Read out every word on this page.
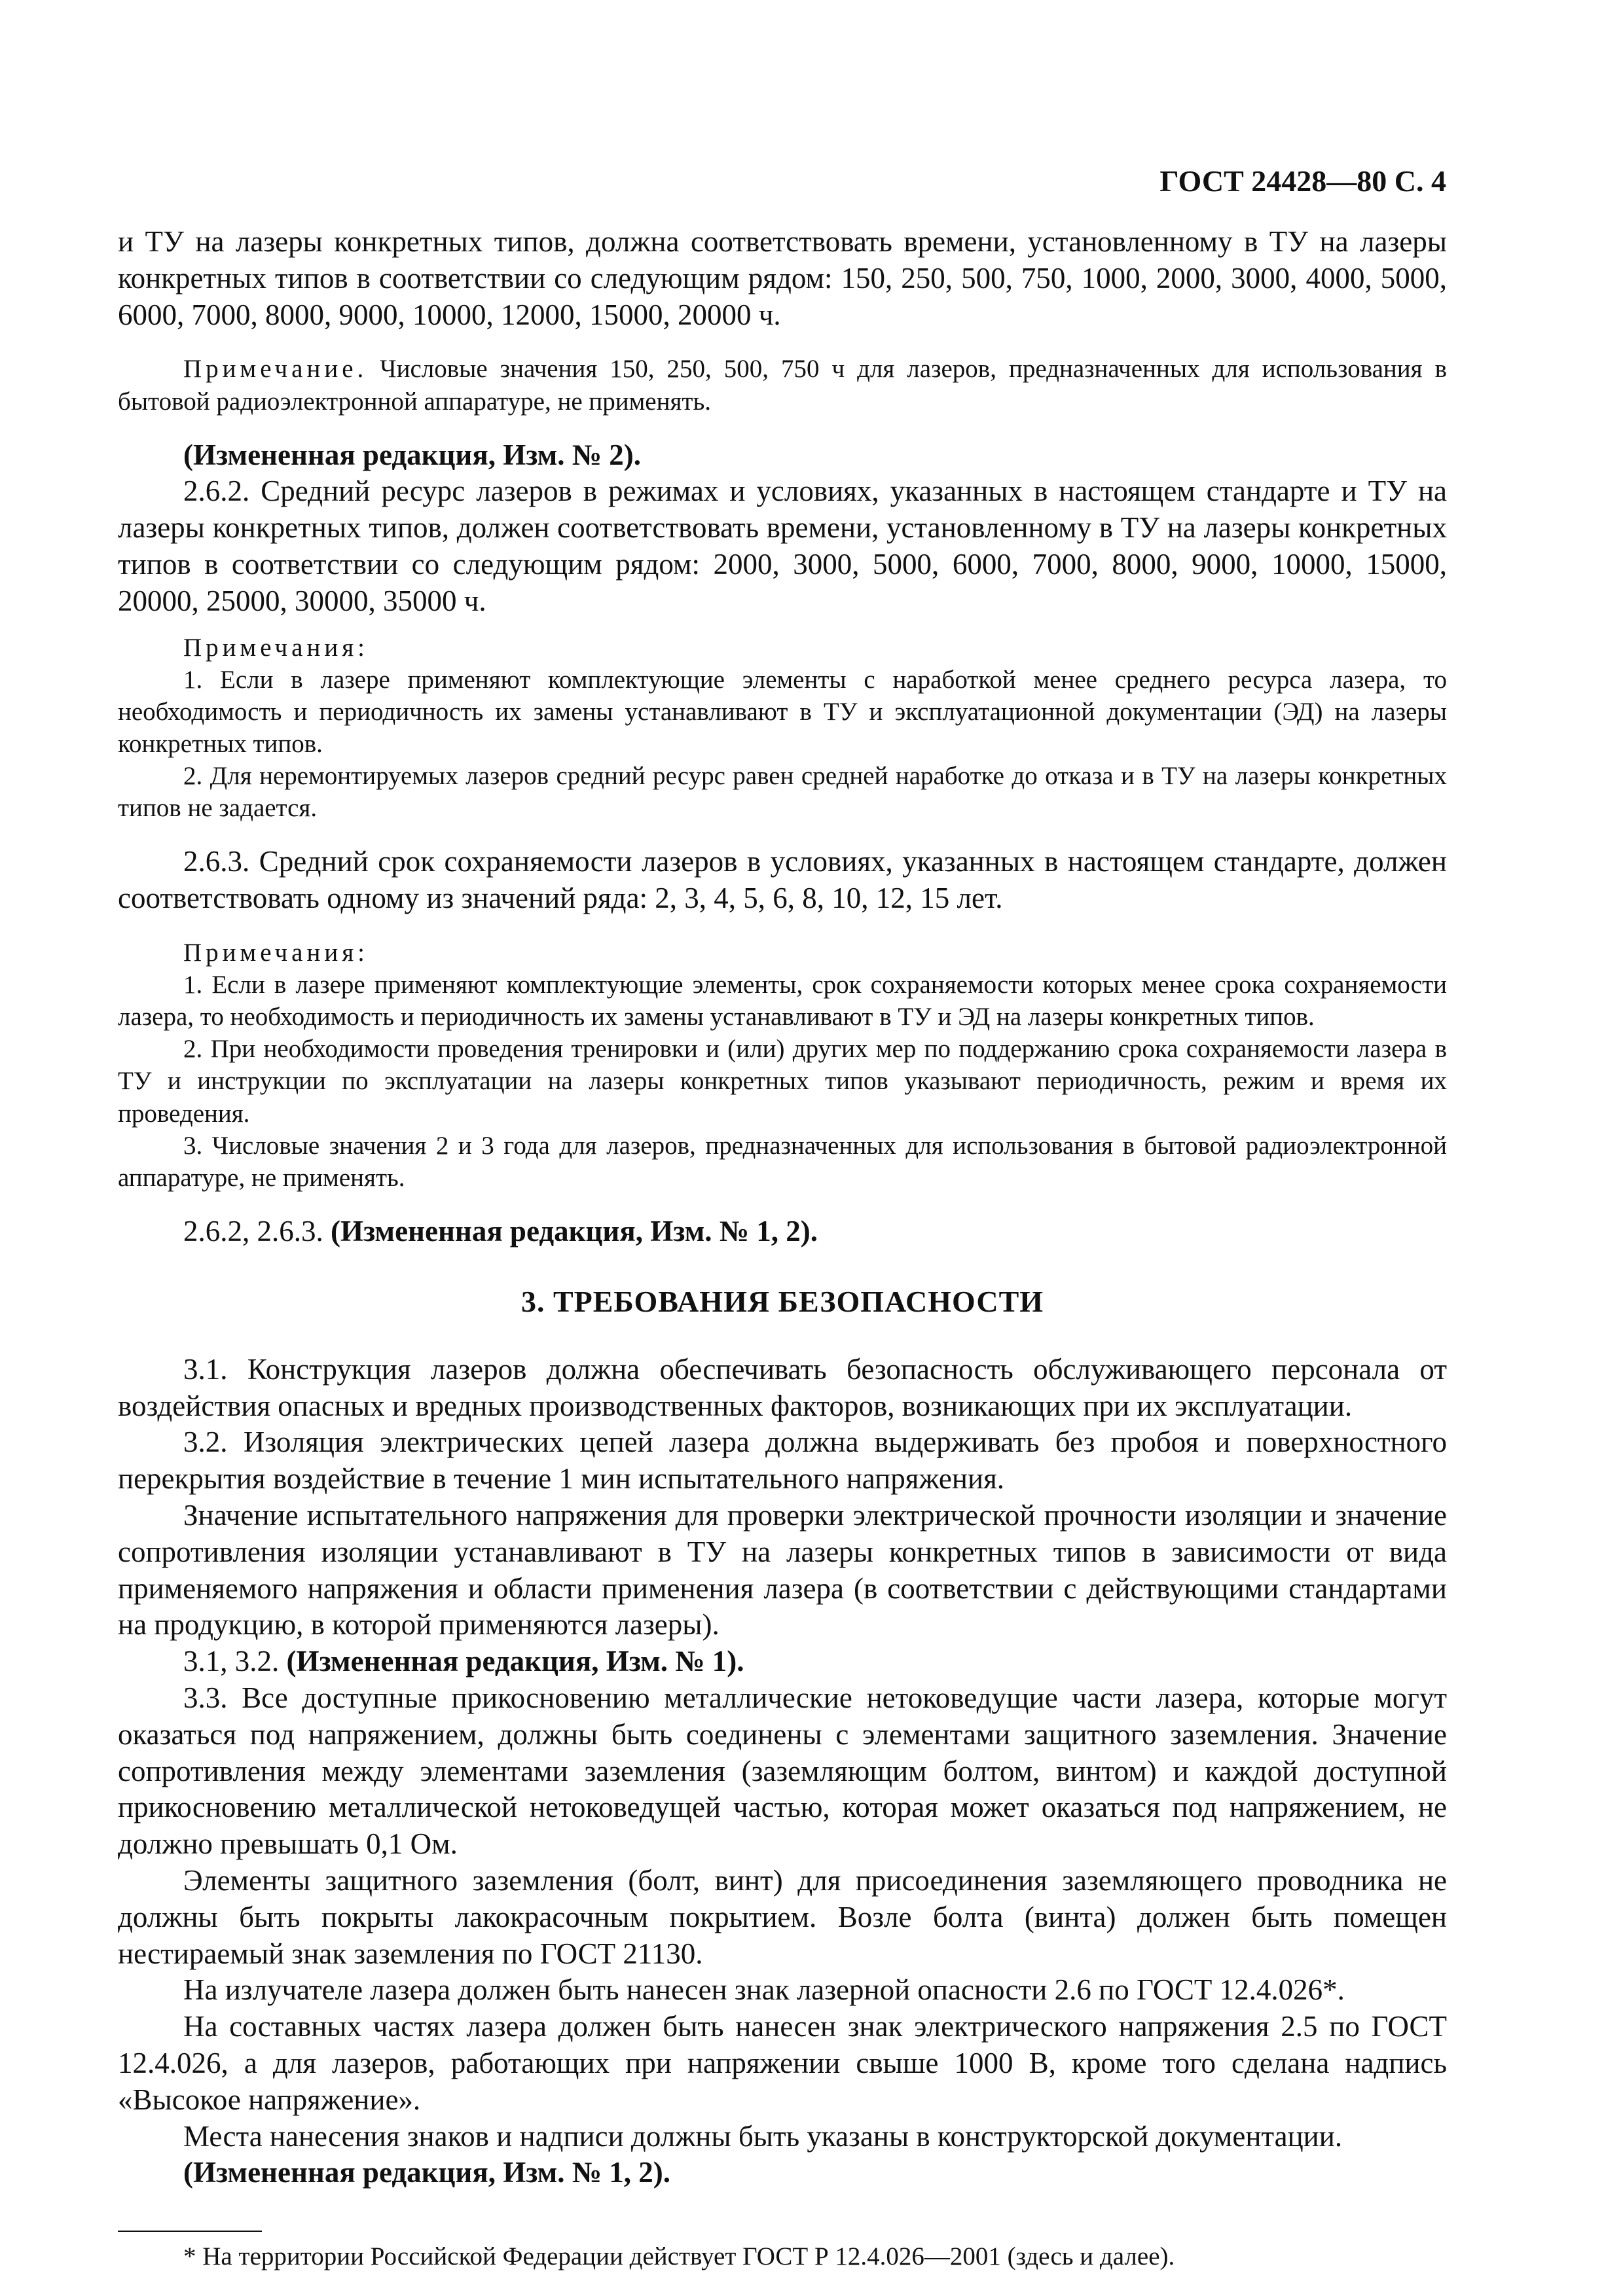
ГОСТ 24428—80 С. 4

и ТУ на лазеры конкретных типов, должна соответствовать времени, установленному в ТУ на лазеры конкретных типов в соответствии со следующим рядом: 150, 250, 500, 750, 1000, 2000, 3000, 4000, 5000, 6000, 7000, 8000, 9000, 10000, 12000, 15000, 20000 ч.

Примечание. Числовые значения 150, 250, 500, 750 ч для лазеров, предназначенных для использования в бытовой радиоэлектронной аппаратуре, не применять.

(Измененная редакция, Изм. № 2).

2.6.2. Средний ресурс лазеров в режимах и условиях, указанных в настоящем стандарте и ТУ на лазеры конкретных типов, должен соответствовать времени, установленному в ТУ на лазеры конкретных типов в соответствии со следующим рядом: 2000, 3000, 5000, 6000, 7000, 8000, 9000, 10000, 15000, 20000, 25000, 30000, 35000 ч.

Примечания:

1. Если в лазере применяют комплектующие элементы с наработкой менее среднего ресурса лазера, то необходимость и периодичность их замены устанавливают в ТУ и эксплуатационной документации (ЭД) на лазеры конкретных типов.

2. Для неремонтируемых лазеров средний ресурс равен средней наработке до отказа и в ТУ на лазеры конкретных типов не задается.

2.6.3. Средний срок сохраняемости лазеров в условиях, указанных в настоящем стандарте, должен соответствовать одному из значений ряда: 2, 3, 4, 5, 6, 8, 10, 12, 15 лет.

Примечания:

1. Если в лазере применяют комплектующие элементы, срок сохраняемости которых менее срока сохраняемости лазера, то необходимость и периодичность их замены устанавливают в ТУ и ЭД на лазеры конкретных типов.

2. При необходимости проведения тренировки и (или) других мер по поддержанию срока сохраняемости лазера в ТУ и инструкции по эксплуатации на лазеры конкретных типов указывают периодичность, режим и время их проведения.

3. Числовые значения 2 и 3 года для лазеров, предназначенных для использования в бытовой радиоэлектронной аппаратуре, не применять.

2.6.2, 2.6.3. (Измененная редакция, Изм. № 1, 2).

3. ТРЕБОВАНИЯ БЕЗОПАСНОСТИ

3.1. Конструкция лазеров должна обеспечивать безопасность обслуживающего персонала от воздействия опасных и вредных производственных факторов, возникающих при их эксплуатации.

3.2. Изоляция электрических цепей лазера должна выдерживать без пробоя и поверхностного перекрытия воздействие в течение 1 мин испытательного напряжения.

Значение испытательного напряжения для проверки электрической прочности изоляции и значение сопротивления изоляции устанавливают в ТУ на лазеры конкретных типов в зависимости от вида применяемого напряжения и области применения лазера (в соответствии с действующими стандартами на продукцию, в которой применяются лазеры).

3.1, 3.2. (Измененная редакция, Изм. № 1).

3.3. Все доступные прикосновению металлические нетоковедущие части лазера, которые могут оказаться под напряжением, должны быть соединены с элементами защитного заземления. Значение сопротивления между элементами заземления (заземляющим болтом, винтом) и каждой доступной прикосновению металлической нетоковедущей частью, которая может оказаться под напряжением, не должно превышать 0,1 Ом.

Элементы защитного заземления (болт, винт) для присоединения заземляющего проводника не должны быть покрыты лакокрасочным покрытием. Возле болта (винта) должен быть помещен нестираемый знак заземления по ГОСТ 21130.

На излучателе лазера должен быть нанесен знак лазерной опасности 2.6 по ГОСТ 12.4.026*.

На составных частях лазера должен быть нанесен знак электрического напряжения 2.5 по ГОСТ 12.4.026, а для лазеров, работающих при напряжении свыше 1000 В, кроме того сделана надпись «Высокое напряжение».

Места нанесения знаков и надписи должны быть указаны в конструкторской документации.

(Измененная редакция, Изм. № 1, 2).

* На территории Российской Федерации действует ГОСТ Р 12.4.026—2001 (здесь и далее).
